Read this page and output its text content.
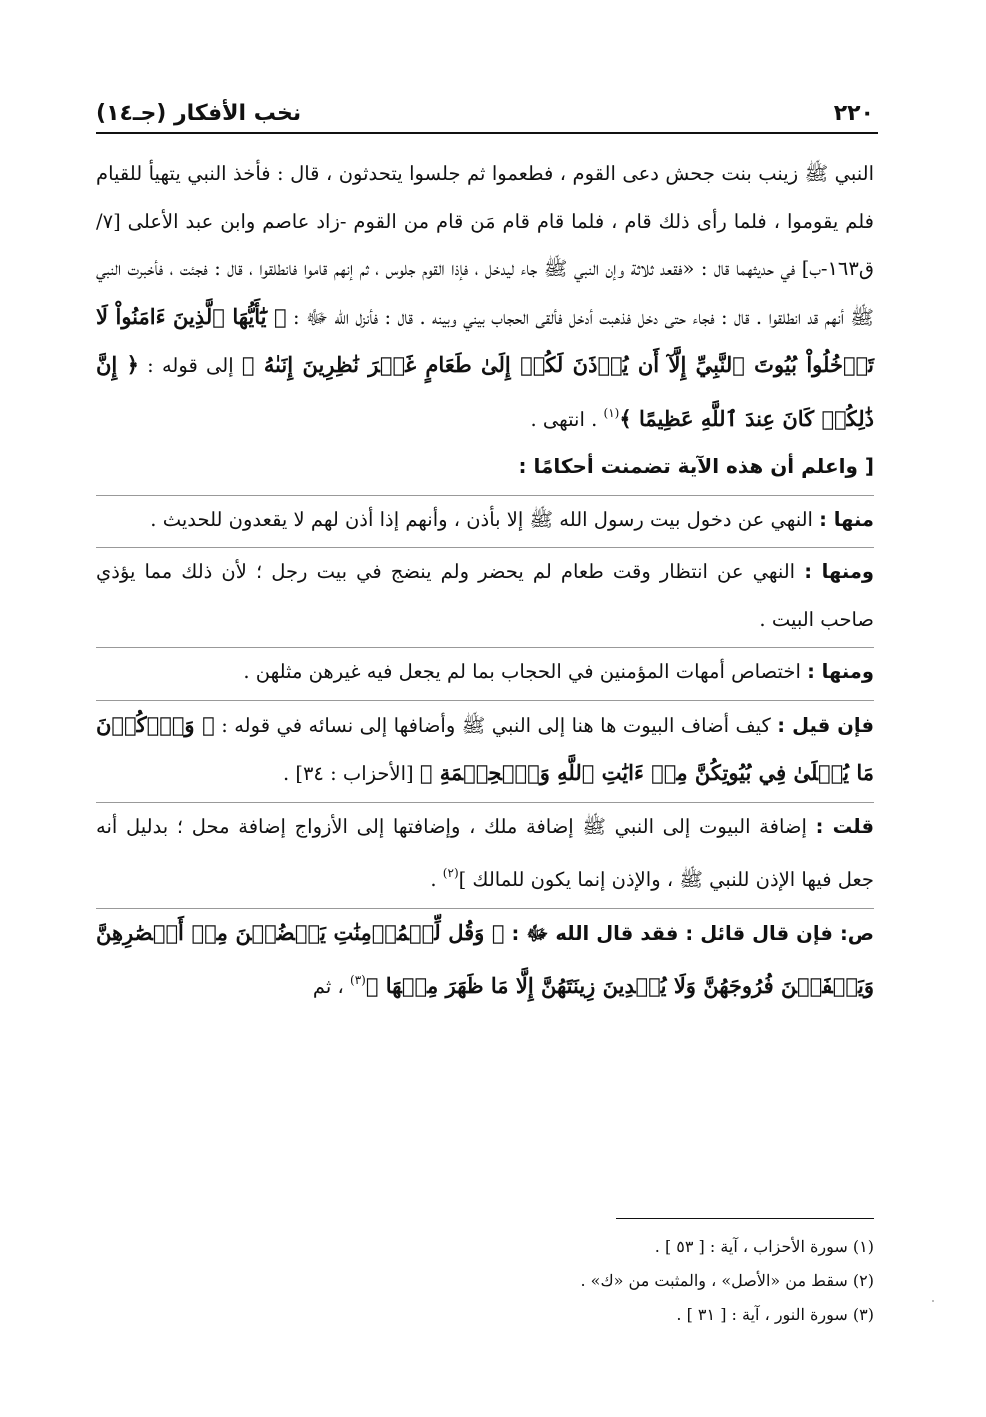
٢٢٠
نخب الأفكار (جـ١٤)

النبي ﷺ زينب بنت جحش دعى القوم ، فطعموا ثم جلسوا يتحدثون ، قال : فأخذ النبي يتهيأ للقيام فلم يقوموا ، فلما رأى ذلك قام ، فلما قام قام مَن قام من القوم -زاد عاصم وابن عبد الأعلى [٧/ق١٦٣-ب] في حديثهما قال : «فقعد ثلاثة وإن النبي ﷺ جاء ليدخل ، فإذا القوم جلوس ، ثم إنهم قاموا فانطلقوا ، قال : فجئت ، فأخبرت النبي ﷺ أنهم قد انطلقوا . قال : فجاء حتى دخل فذهبت أدخل فألقى الحجاب بيني وبينه . قال : فأنزل الله ﷻ : ﴿ يَٰٓأَيُّهَا ٱلَّذِينَ ءَامَنُواْ لَا تَدۡخُلُواْ بُيُوتَ ٱلنَّبِيِّ إِلَّآ أَن يُؤۡذَنَ لَكُمۡ إِلَىٰ طَعَامٍ غَيۡرَ نَٰظِرِينَ إِنَىٰهُ ﴾ إلى قوله : ﴿ إِنَّ ذَٰلِكُمۡ كَانَ عِندَ ٱللَّهِ عَظِيمًا ﴾$^{(١)}$ . انتهى .

[ واعلم أن هذه الآية تضمنت أحكامًا :

منها : النهي عن دخول بيت رسول الله ﷺ إلا بأذن ، وأنهم إذا أذن لهم لا يقعدون للحديث .

ومنها : النهي عن انتظار وقت طعام لم يحضر ولم ينضج في بيت رجل ؛ لأن ذلك مما يؤذي صاحب البيت .

ومنها : اختصاص أمهات المؤمنين في الحجاب بما لم يجعل فيه غيرهن مثلهن .

فإن قيل : كيف أضاف البيوت ها هنا إلى النبي ﷺ وأضافها إلى نسائه في قوله : ﴿ وَٱذۡكُرۡنَ مَا يُتۡلَىٰ فِي بُيُوتِكُنَّ مِنۡ ءَايَٰتِ ٱللَّهِ وَٱلۡحِكۡمَةِ ﴾ [الأحزاب : ٣٤] .

قلت : إضافة البيوت إلى النبي ﷺ إضافة ملك ، وإضافتها إلى الأزواج إضافة محل ؛ بدليل أنه جعل فيها الإذن للنبي ﷺ ، والإذن إنما يكون للمالك ]$^{(٢)}$ .

ص: فإن قال قائل : فقد قال الله ﷻ : ﴿ وَقُل لِّلۡمُؤۡمِنَٰتِ يَغۡضُضۡنَ مِنۡ أَبۡصَٰرِهِنَّ وَيَحۡفَظۡنَ فُرُوجَهُنَّ وَلَا يُبۡدِينَ زِينَتَهُنَّ إِلَّا مَا ظَهَرَ مِنۡهَا ﴾$^{(٣)}$ ، ثم

(١) سورة الأحزاب ، آية : [ ٥٣ ] .

(٢) سقط من «الأصل» ، والمثبت من «ك» .

(٣) سورة النور ، آية : [ ٣١ ] .
